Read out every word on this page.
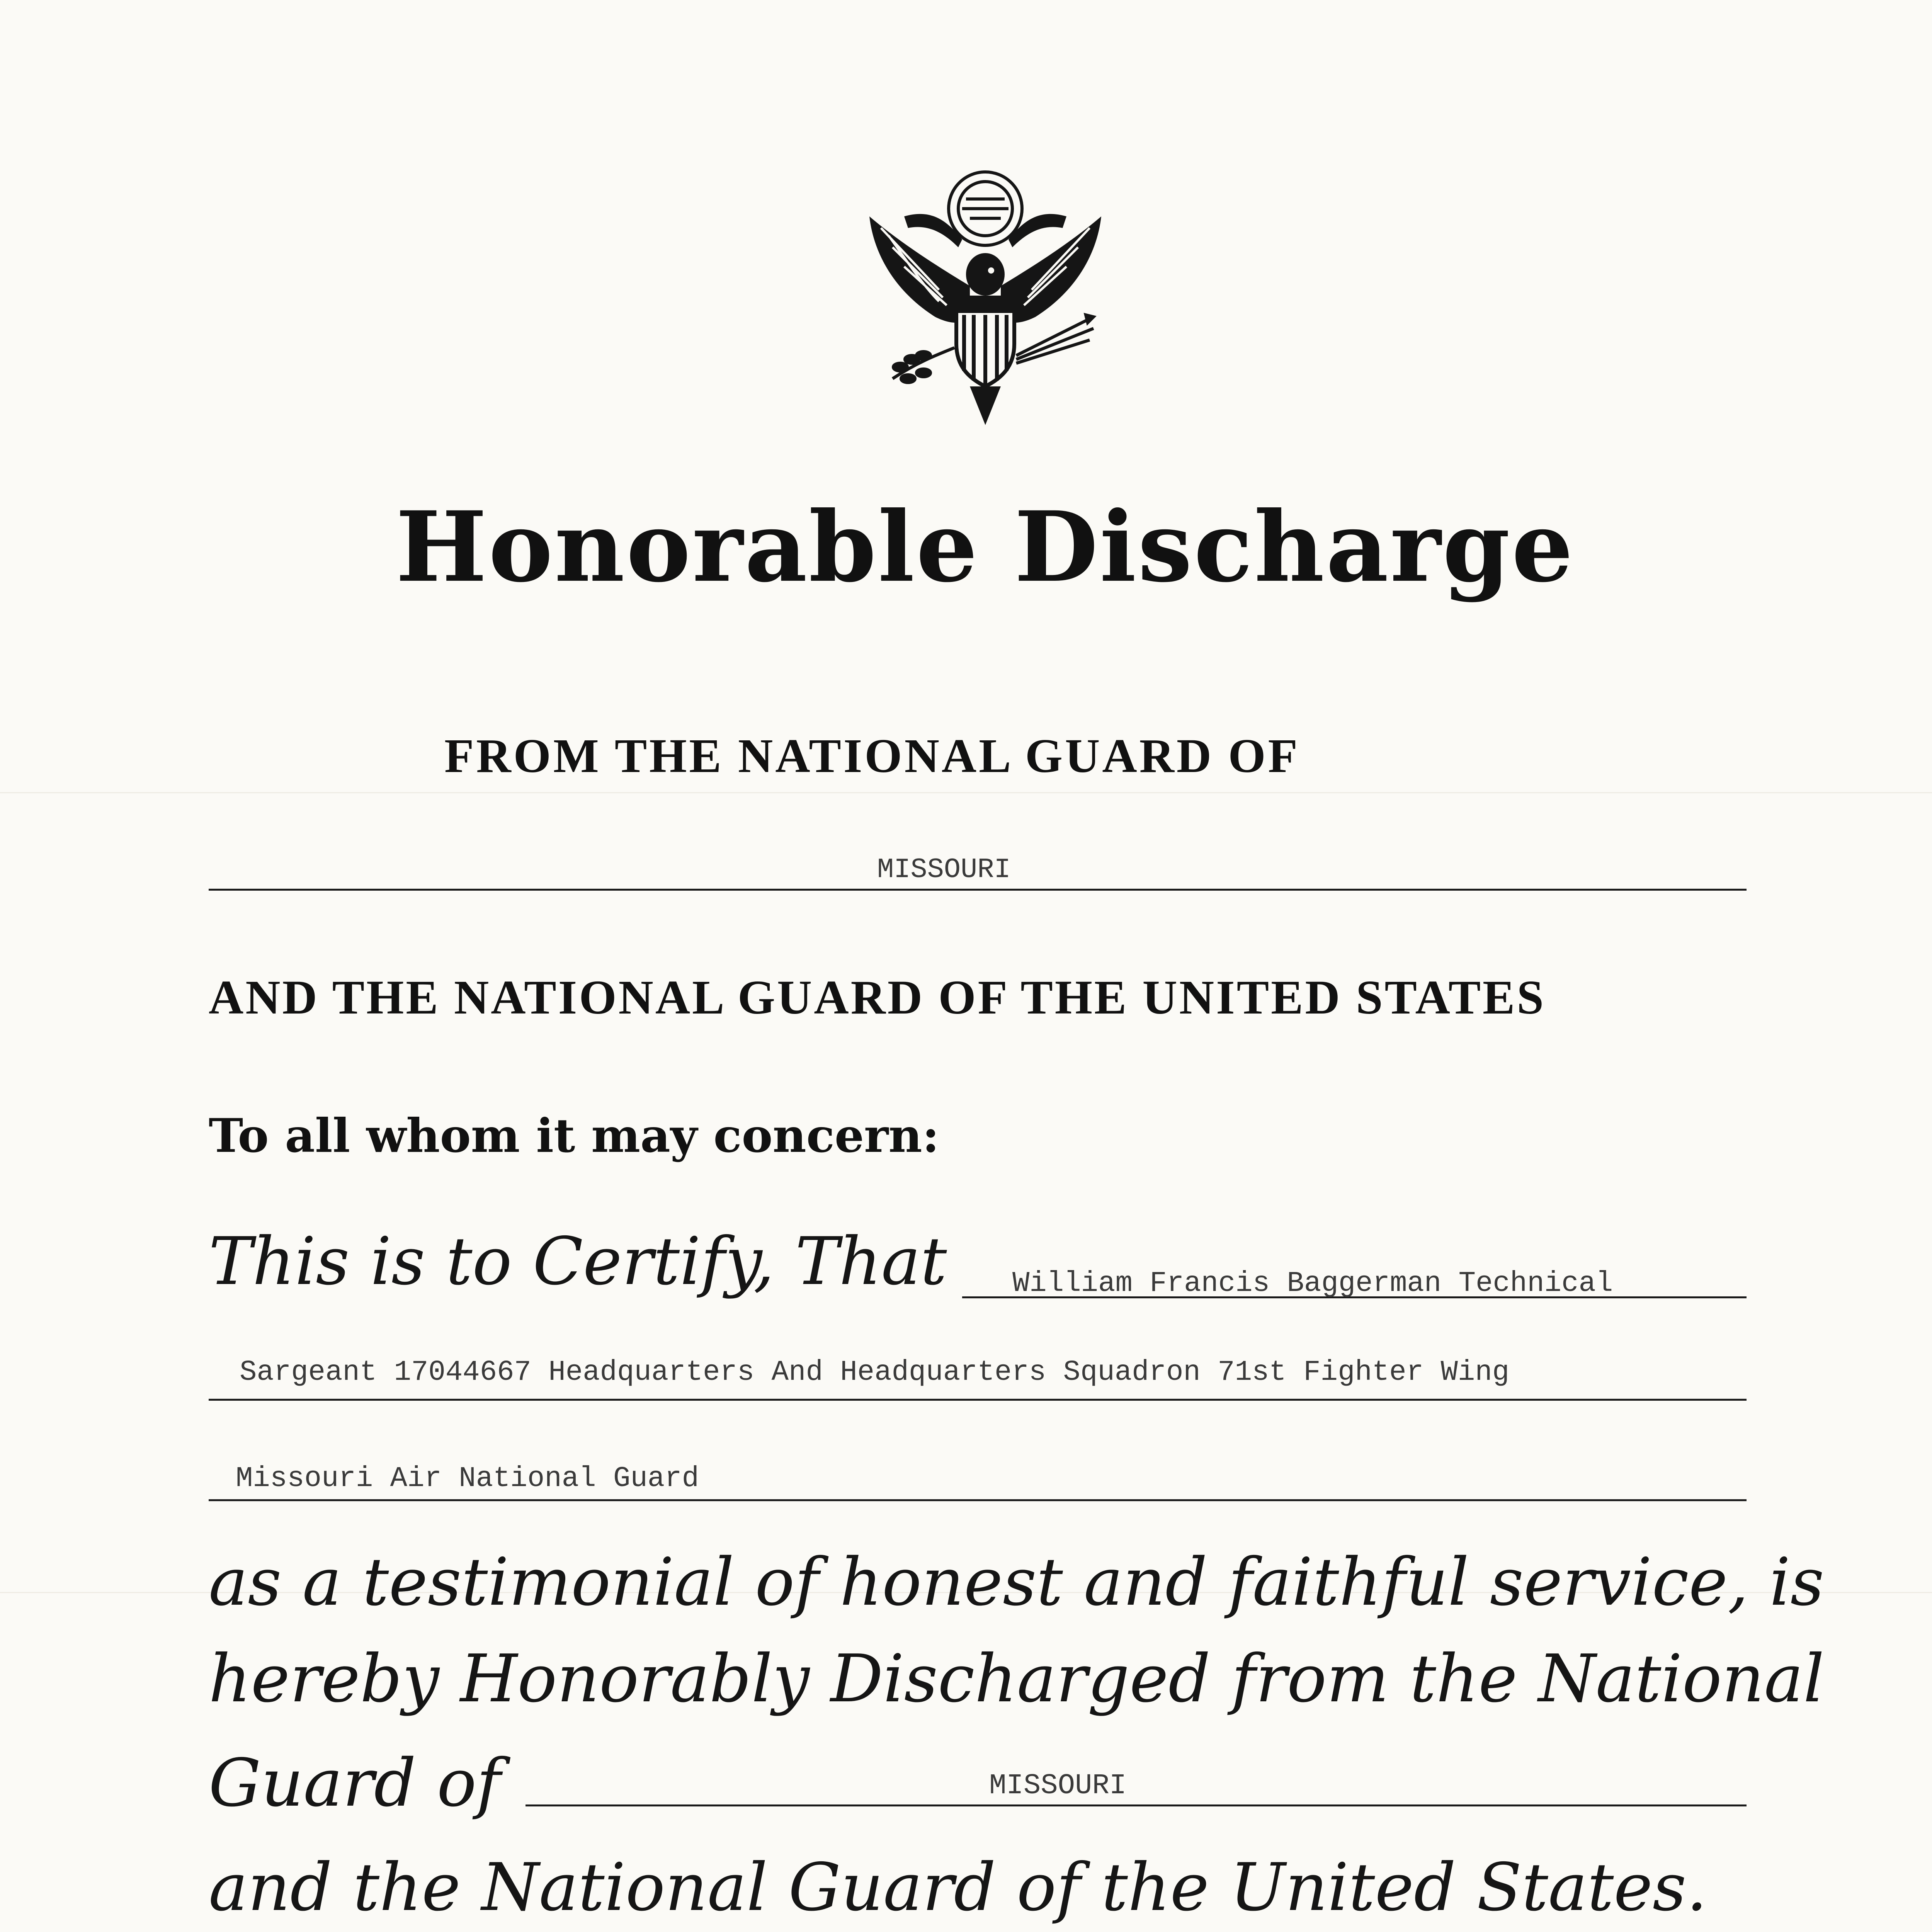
Honorable Discharge
FROM THE NATIONAL GUARD OF
MISSOURI
AND THE NATIONAL GUARD OF THE UNITED STATES
To all whom it may concern:
This is to Certify, That William Francis Baggerman Technical
Sargeant 17044667 Headquarters And Headquarters Squadron 71st Fighter Wing
Missouri Air National Guard
as a testimonial of honest and faithful service, is
hereby Honorably Discharged from the National
Guard of	MISSOURI
and the National Guard of the United States.
